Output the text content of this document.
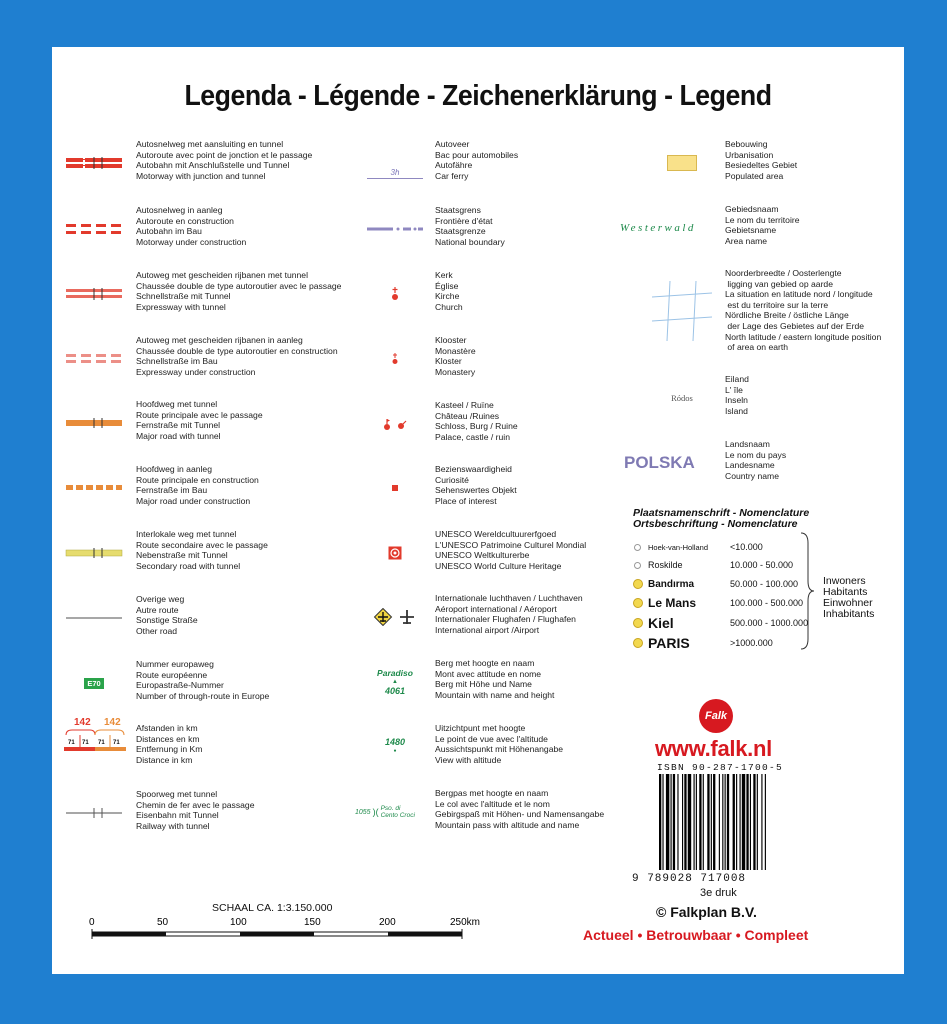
Legenda - Légende - Zeichenerklärung - Legend
Autosnelweg met aansluiting en tunnel
Autoroute avec point de jonction et le passage
Autobahn mit Anschlußstelle und Tunnel
Motorway with junction and tunnel
Autosnelweg in aanleg
Autoroute en construction
Autobahn im Bau
Motorway under construction
Autoweg met gescheiden rijbanen met tunnel
Chaussée double de type autoroutier avec le passage
Schnellstraße mit Tunnel
Expressway with tunnel
Autoweg met gescheiden rijbanen in aanleg
Chaussée double de type autoroutier en construction
Schnellstraße im Bau
Expressway under construction
Hoofdweg met tunnel
Route principale avec le passage
Fernstraße mit Tunnel
Major road with tunnel
Hoofdweg in aanleg
Route principale en construction
Fernstraße im Bau
Major road under construction
Interlokale weg met tunnel
Route secondaire avec le passage
Nebenstraße mit Tunnel
Secondary road with tunnel
Overige weg
Autre route
Sonstige Straße
Other road
E70
Nummer europaweg
Route européenne
Europastraße-Nummer
Number of through-route in Europe
142 142
71 71 71 71
Afstanden in km
Distances en km
Entfernung in Km
Distance in km
Spoorweg met tunnel
Chemin de fer avec le passage
Eisenbahn mit Tunnel
Railway with tunnel
3h
Autoveer
Bac pour automobiles
Autofähre
Car ferry
Staatsgrens
Frontière d'état
Staatsgrenze
National boundary
Kerk
Église
Kirche
Church
Klooster
Monastère
Kloster
Monastery
Kasteel / Ruïne
Château /Ruines
Schloss, Burg / Ruine
Palace, castle / ruin
Bezienswaardigheid
Curiosité
Sehenswertes Objekt
Place of interest
UNESCO Wereldcultuurerfgoed
L'UNESCO Patrimoine Culturel Mondial
UNESCO Weltkulturerbe
UNESCO World Culture Heritage
Internationale luchthaven / Luchthaven
Aéroport international / Aéroport
Internationaler Flughafen / Flughafen
International airport /Airport
Paradiso
▲
4061
Berg met hoogte en naam
Mont avec attitude en nome
Berg mit Höhe und Name
Mountain with name and height
1480
●
Uitzichtpunt met hoogte
Le point de vue avec l'altitude
Aussichtspunkt mit Höhenangabe
View with altitude
1055 )( Pso. di
Cento Croci
Bergpas met hoogte en naam
Le col avec l'altitude et le nom
Gebirgspaß mit Höhen- und Namensangabe
Mountain pass with altitude and name
Bebouwing
Urbanisation
Besiedeltes Gebiet
Populated area
Westerwald
Gebiedsnaam
Le nom du territoire
Gebietsname
Area name
Noorderbreedte / Oosterlengte
ligging van gebied op aarde
La situation en latitude nord / longitude
est du territoire sur la terre
Nördliche Breite / östliche Länge
der Lage des Gebietes auf der Erde
North latitude / eastern longitude position
of area on earth
Ródos
Eiland
L' île
Inseln
Island
POLSKA
Landsnaam
Le nom du pays
Landesname
Country name
Plaatsnamenschrift - Nomenclature
Ortsbeschriftung - Nomenclature
Hoek-van-Holland <10.000
Roskilde	10.000 - 50.000
Bandırma	50.000 - 100.000
Le Mans	100.000 - 500.000
Kiel	500.000 - 1000.000
PARIS	>1000.000
Inwoners
Habitants
Einwohner
Inhabitants
Falk
www.falk.nl
ISBN 90-287-1700-5
9 789028 717008
3e druk
© Falkplan B.V.
Actueel • Betrouwbaar • Compleet
SCHAAL CA. 1:3.150.000
0	50	100	150	200	250km
